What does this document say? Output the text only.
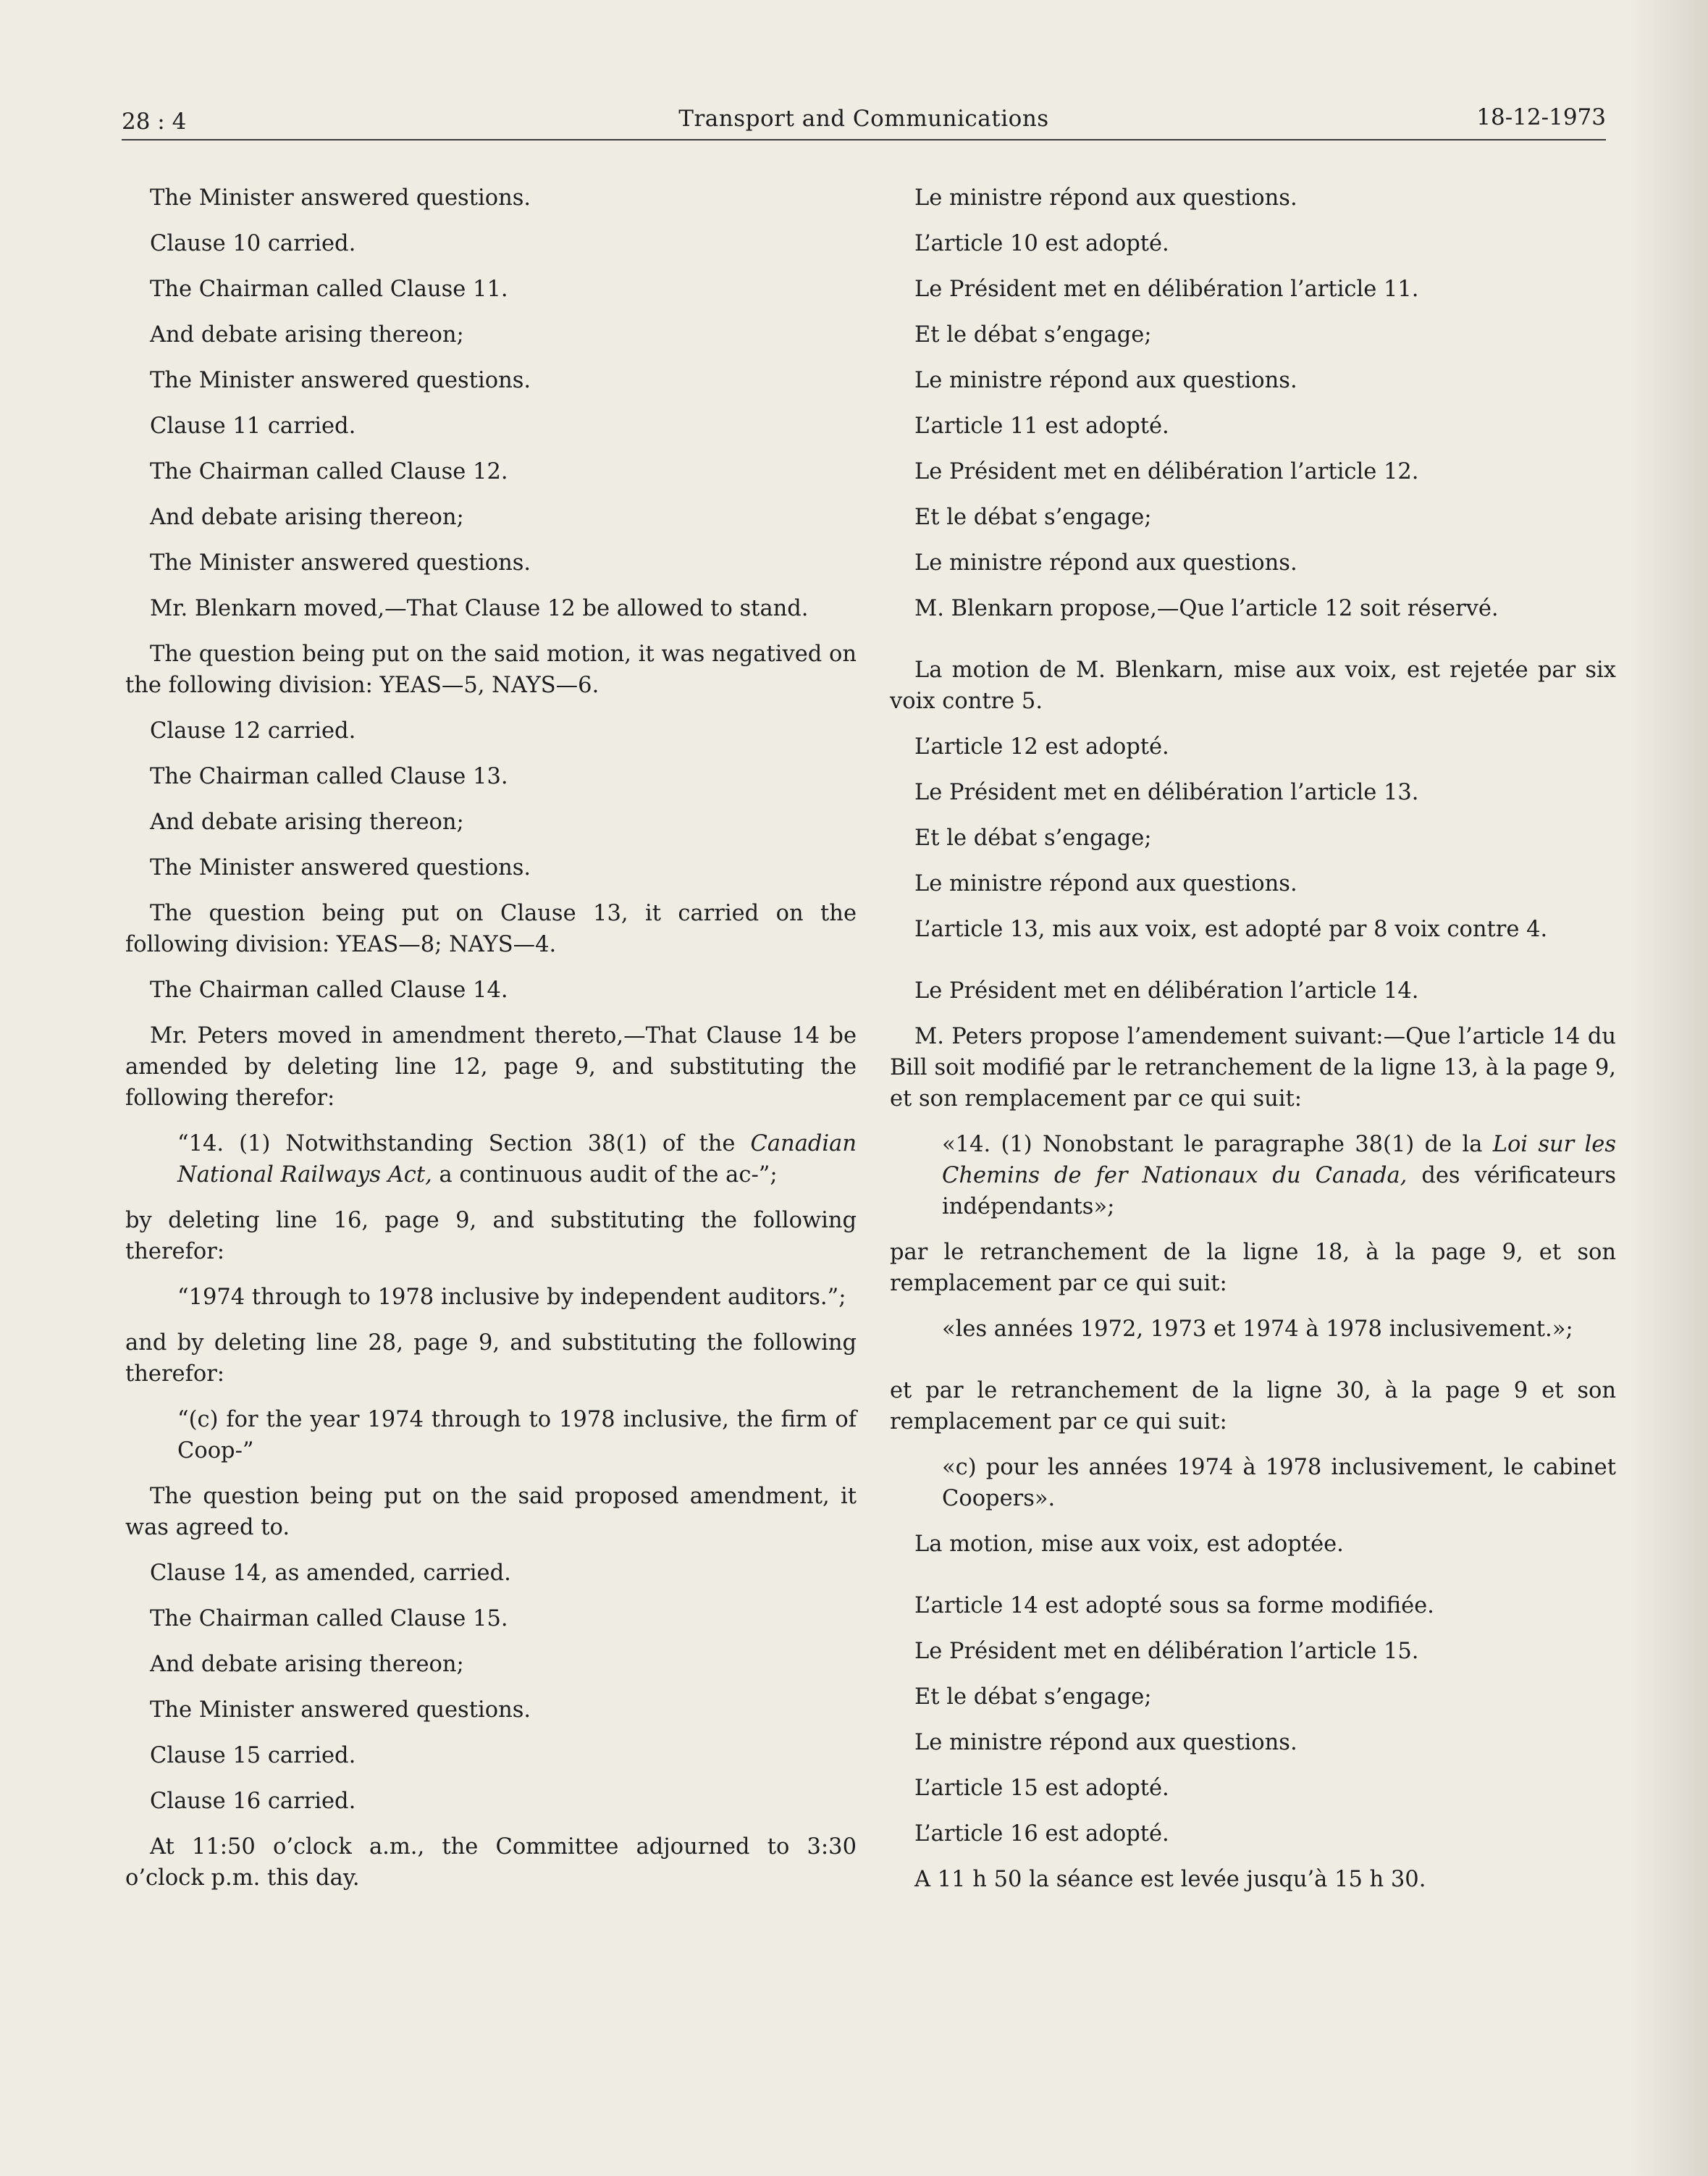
28 : 4	Transport and Communications	18-12-1973

The Minister answered questions.

Clause 10 carried.

The Chairman called Clause 11.

And debate arising thereon;

The Minister answered questions.

Clause 11 carried.

The Chairman called Clause 12.

And debate arising thereon;

The Minister answered questions.

Mr. Blenkarn moved,—That Clause 12 be allowed to stand.

The question being put on the said motion, it was negatived on the following division: YEAS—5, NAYS—6.

Clause 12 carried.

The Chairman called Clause 13.

And debate arising thereon;

The Minister answered questions.

The question being put on Clause 13, it carried on the following division: YEAS—8; NAYS—4.

The Chairman called Clause 14.

Mr. Peters moved in amendment thereto,—That Clause 14 be amended by deleting line 12, page 9, and substituting the following therefor:

“14. (1) Notwithstanding Section 38(1) of the Canadian National Railways Act, a continuous audit of the ac-”;

by deleting line 16, page 9, and substituting the following therefor:

“1974 through to 1978 inclusive by independent auditors.”;

and by deleting line 28, page 9, and substituting the following therefor:

“(c) for the year 1974 through to 1978 inclusive, the firm of Coop-”

The question being put on the said proposed amendment, it was agreed to.

Clause 14, as amended, carried.

The Chairman called Clause 15.

And debate arising thereon;

The Minister answered questions.

Clause 15 carried.

Clause 16 carried.

At 11:50 o’clock a.m., the Committee adjourned to 3:30 o’clock p.m. this day.

Le ministre répond aux questions.

L’article 10 est adopté.

Le Président met en délibération l’article 11.

Et le débat s’engage;

Le ministre répond aux questions.

L’article 11 est adopté.

Le Président met en délibération l’article 12.

Et le débat s’engage;

Le ministre répond aux questions.

M. Blenkarn propose,—Que l’article 12 soit réservé.

La motion de M. Blenkarn, mise aux voix, est rejetée par six voix contre 5.

L’article 12 est adopté.

Le Président met en délibération l’article 13.

Et le débat s’engage;

Le ministre répond aux questions.

L’article 13, mis aux voix, est adopté par 8 voix contre 4.

Le Président met en délibération l’article 14.

M. Peters propose l’amendement suivant:—Que l’article 14 du Bill soit modifié par le retranchement de la ligne 13, à la page 9, et son remplacement par ce qui suit:

«14. (1) Nonobstant le paragraphe 38(1) de la Loi sur les Chemins de fer Nationaux du Canada, des vérificateurs indépendants»;

par le retranchement de la ligne 18, à la page 9, et son remplacement par ce qui suit:

«les années 1972, 1973 et 1974 à 1978 inclusivement.»;

et par le retranchement de la ligne 30, à la page 9 et son remplacement par ce qui suit:

«c) pour les années 1974 à 1978 inclusivement, le cabinet Coopers».

La motion, mise aux voix, est adoptée.

L’article 14 est adopté sous sa forme modifiée.

Le Président met en délibération l’article 15.

Et le débat s’engage;

Le ministre répond aux questions.

L’article 15 est adopté.

L’article 16 est adopté.

A 11 h 50 la séance est levée jusqu’à 15 h 30.
